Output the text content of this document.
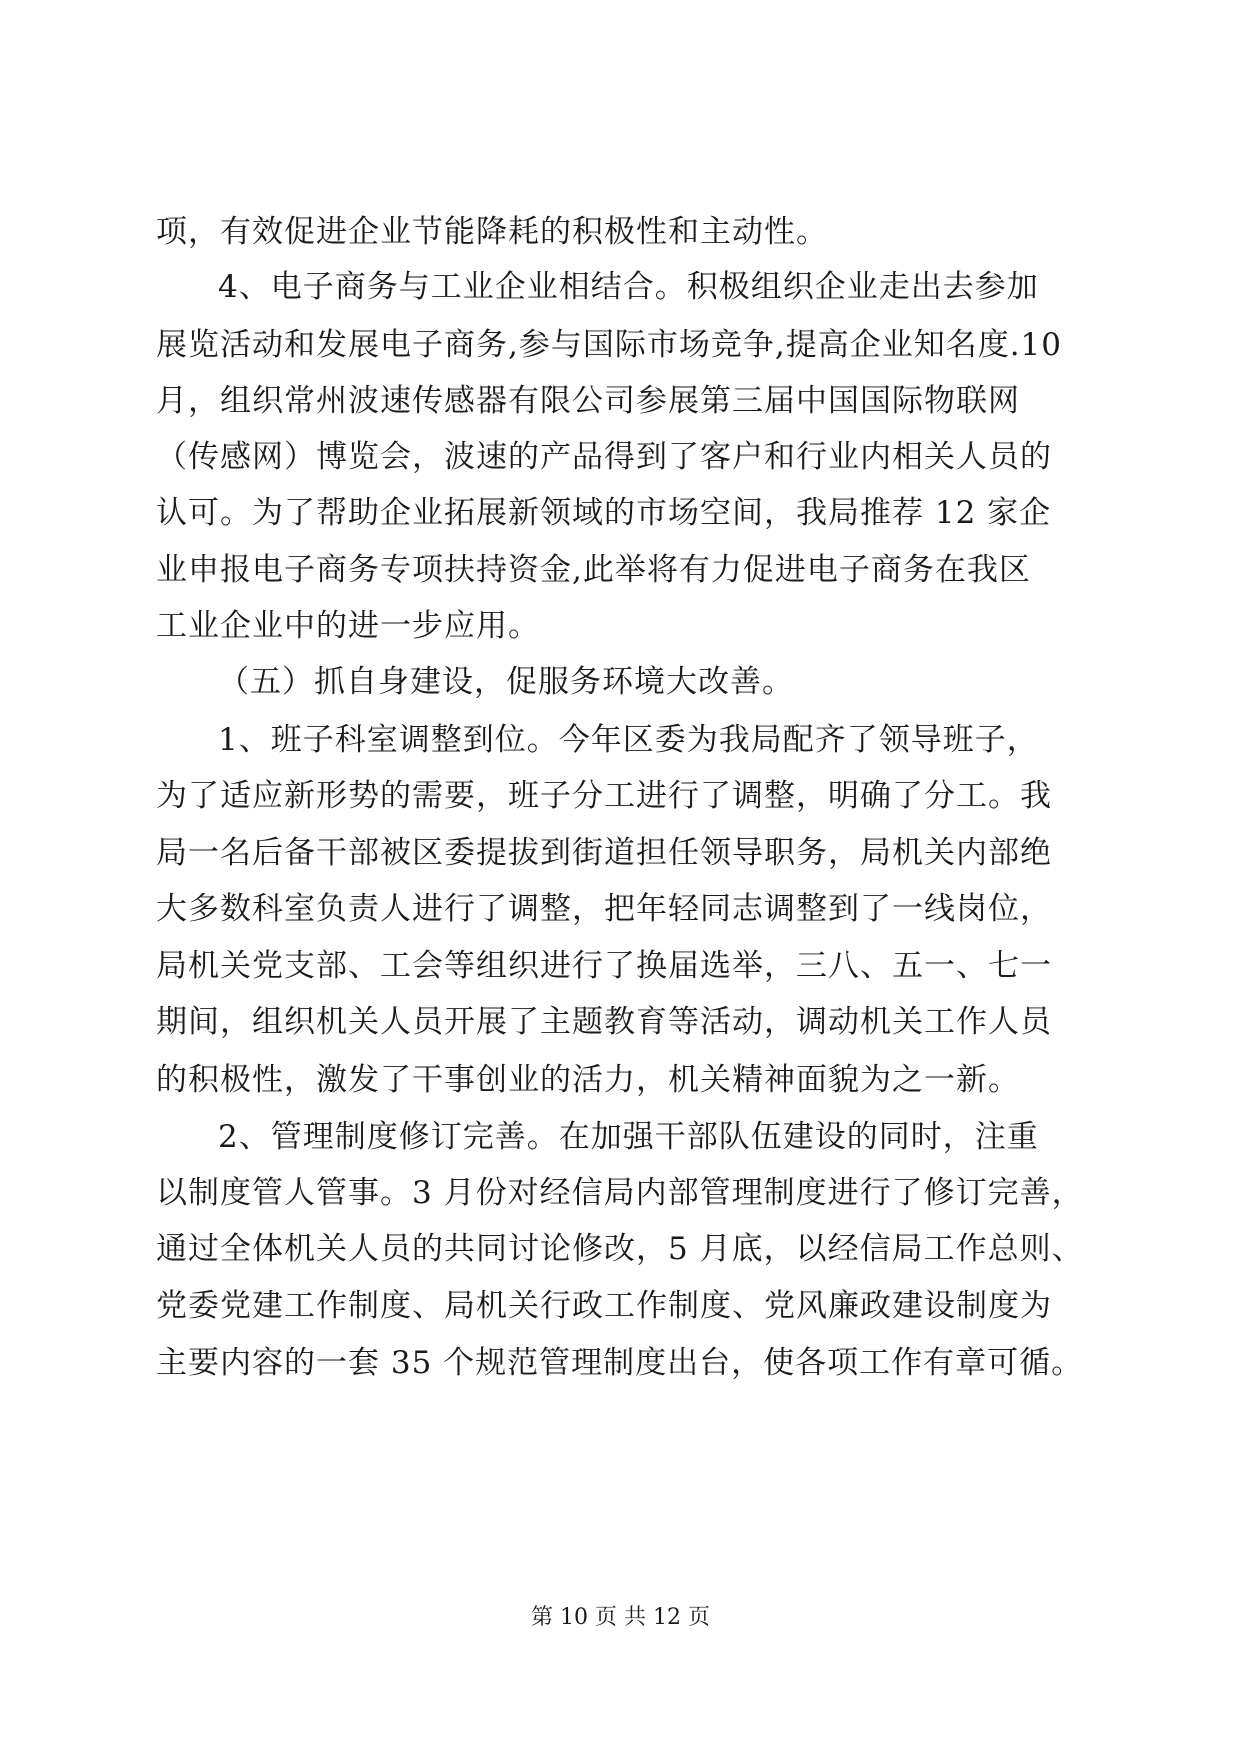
项，有效促进企业节能降耗的积极性和主动性。
4、电子商务与工业企业相结合。积极组织企业走出去参加
展览活动和发展电子商务,参与国际市场竞争,提高企业知名度.10
月，组织常州波速传感器有限公司参展第三届中国国际物联网
（传感网）博览会，波速的产品得到了客户和行业内相关人员的
认可。为了帮助企业拓展新领域的市场空间，我局推荐 12 家企
业申报电子商务专项扶持资金,此举将有力促进电子商务在我区
工业企业中的进一步应用。
（五）抓自身建设，促服务环境大改善。
1、班子科室调整到位。今年区委为我局配齐了领导班子，
为了适应新形势的需要，班子分工进行了调整，明确了分工。我
局一名后备干部被区委提拔到街道担任领导职务，局机关内部绝
大多数科室负责人进行了调整，把年轻同志调整到了一线岗位，
局机关党支部、工会等组织进行了换届选举，三八、五一、七一
期间，组织机关人员开展了主题教育等活动，调动机关工作人员
的积极性，激发了干事创业的活力，机关精神面貌为之一新。
2、管理制度修订完善。在加强干部队伍建设的同时，注重
以制度管人管事。3 月份对经信局内部管理制度进行了修订完善，
通过全体机关人员的共同讨论修改，5 月底，以经信局工作总则、
党委党建工作制度、局机关行政工作制度、党风廉政建设制度为
主要内容的一套 35 个规范管理制度出台，使各项工作有章可循。
第 10 页 共 12 页
